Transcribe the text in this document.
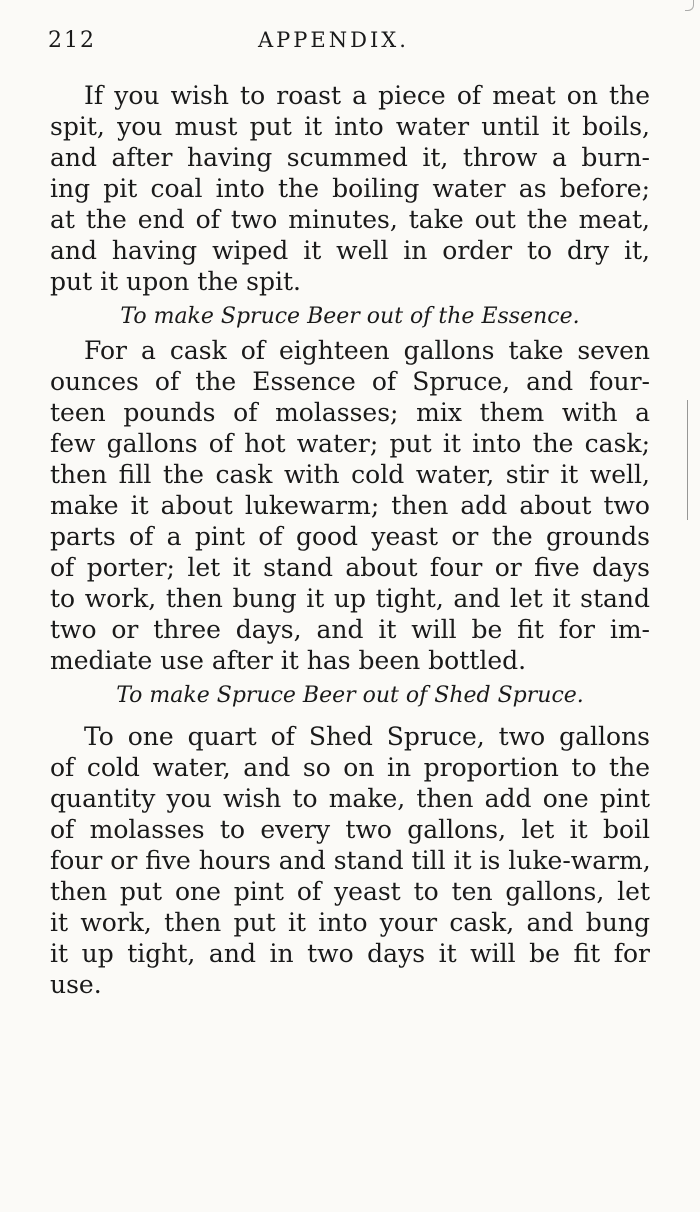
212	APPENDIX.
If you wish to roast a piece of meat on the
spit, you must put it into water until it boils,
and after having scummed it, throw a burn-
ing pit coal into the boiling water as before;
at the end of two minutes, take out the meat,
and having wiped it well in order to dry it,
put it upon the spit.
To make Spruce Beer out of the Essence.
For a cask of eighteen gallons take seven
ounces of the Essence of Spruce, and four-
teen pounds of molasses; mix them with a
few gallons of hot water; put it into the cask;
then fill the cask with cold water, stir it well,
make it about lukewarm; then add about two
parts of a pint of good yeast or the grounds
of porter; let it stand about four or five days
to work, then bung it up tight, and let it stand
two or three days, and it will be fit for im-
mediate use after it has been bottled.
To make Spruce Beer out of Shed Spruce.
To one quart of Shed Spruce, two gallons
of cold water, and so on in proportion to the
quantity you wish to make, then add one pint
of molasses to every two gallons, let it boil
four or five hours and stand till it is luke-warm,
then put one pint of yeast to ten gallons, let
it work, then put it into your cask, and bung
it up tight, and in two days it will be fit for
use.
